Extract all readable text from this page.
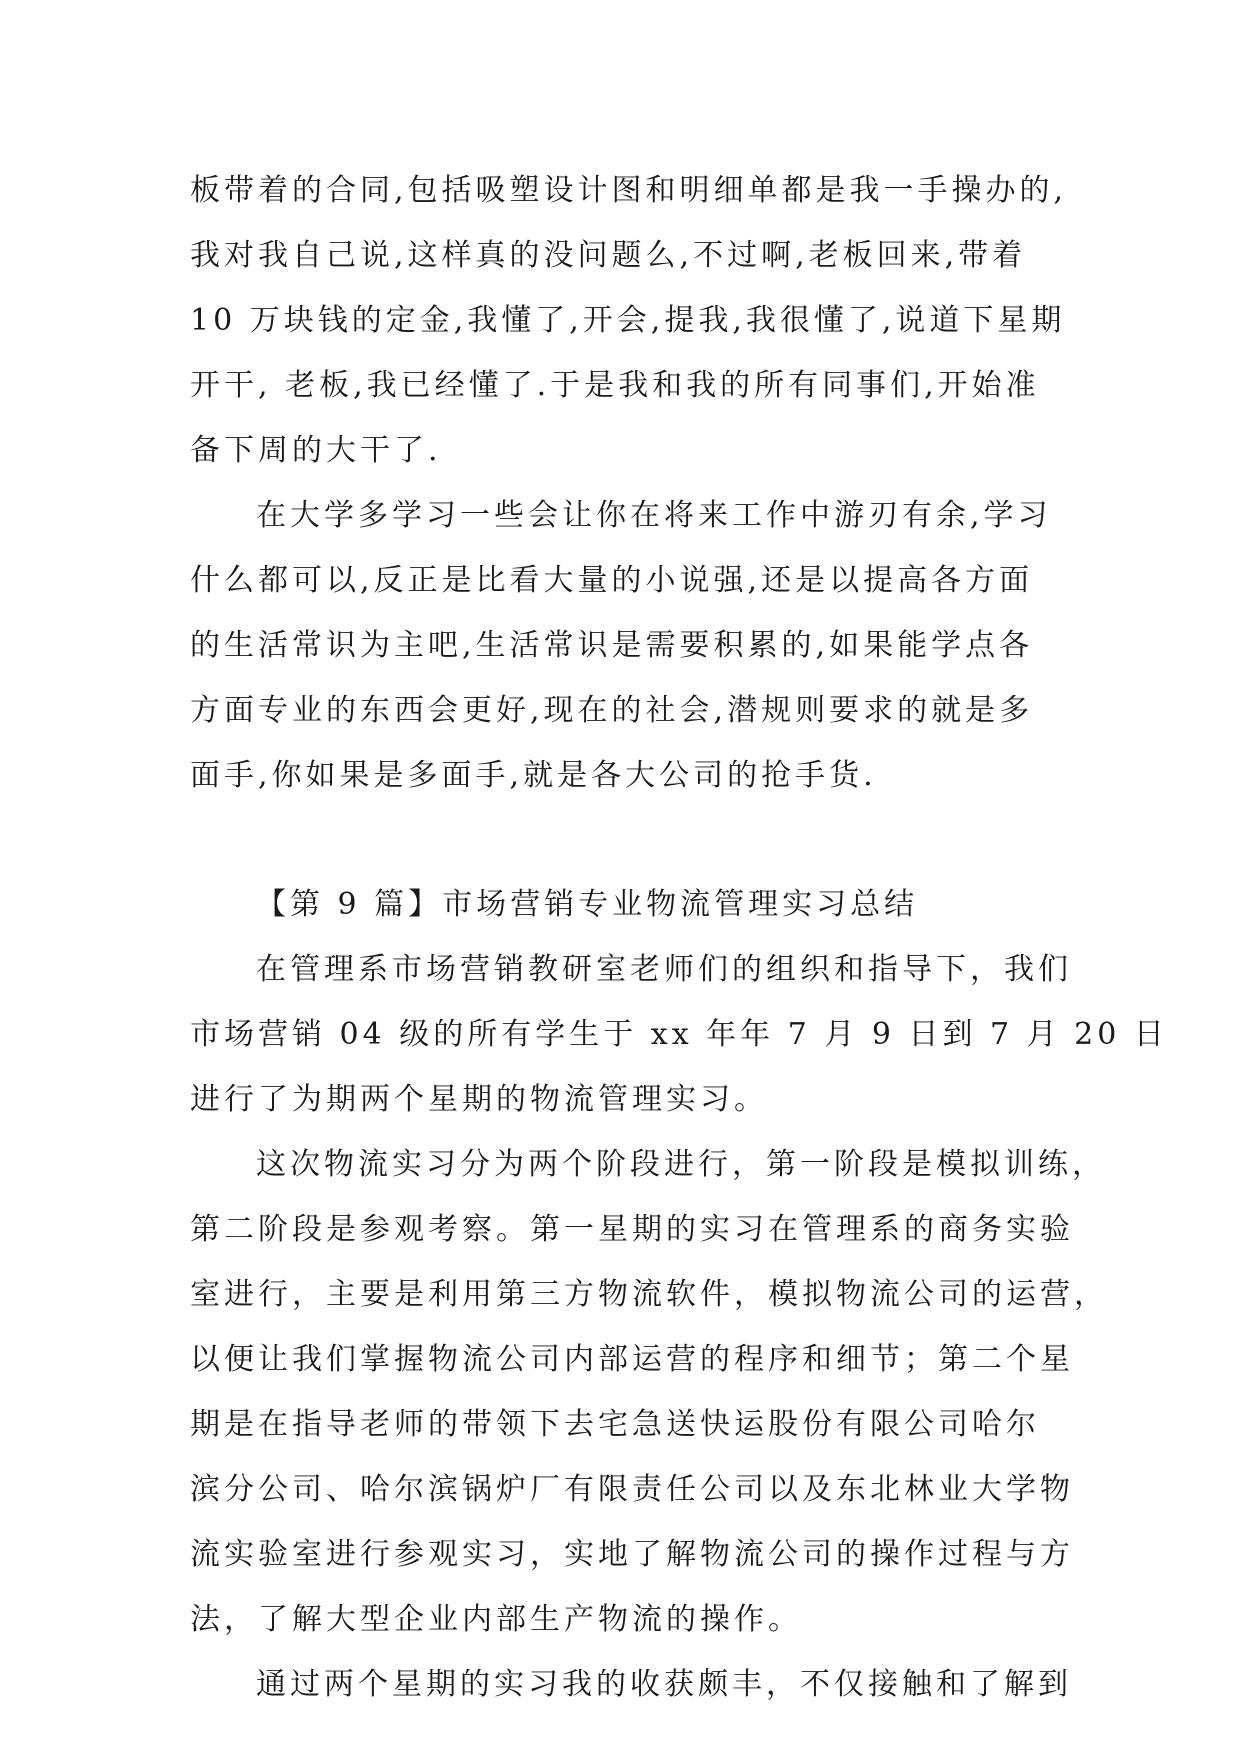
板带着的合同,包括吸塑设计图和明细单都是我一手操办的,
我对我自己说,这样真的没问题么,不过啊,老板回来,带着
10 万块钱的定金,我懂了,开会,提我,我很懂了,说道下星期
开干, 老板,我已经懂了.于是我和我的所有同事们,开始准
备下周的大干了.
在大学多学习一些会让你在将来工作中游刃有余,学习
什么都可以,反正是比看大量的小说强,还是以提高各方面
的生活常识为主吧,生活常识是需要积累的,如果能学点各
方面专业的东西会更好,现在的社会,潜规则要求的就是多
面手,你如果是多面手,就是各大公司的抢手货.
【第 9 篇】市场营销专业物流管理实习总结
在管理系市场营销教研室老师们的组织和指导下，我们
市场营销 04 级的所有学生于 xx 年年 7 月 9 日到 7 月 20 日
进行了为期两个星期的物流管理实习。
这次物流实习分为两个阶段进行，第一阶段是模拟训练，
第二阶段是参观考察。第一星期的实习在管理系的商务实验
室进行，主要是利用第三方物流软件，模拟物流公司的运营，
以便让我们掌握物流公司内部运营的程序和细节；第二个星
期是在指导老师的带领下去宅急送快运股份有限公司哈尔
滨分公司、哈尔滨锅炉厂有限责任公司以及东北林业大学物
流实验室进行参观实习，实地了解物流公司的操作过程与方
法，了解大型企业内部生产物流的操作。
通过两个星期的实习我的收获颇丰，不仅接触和了解到
